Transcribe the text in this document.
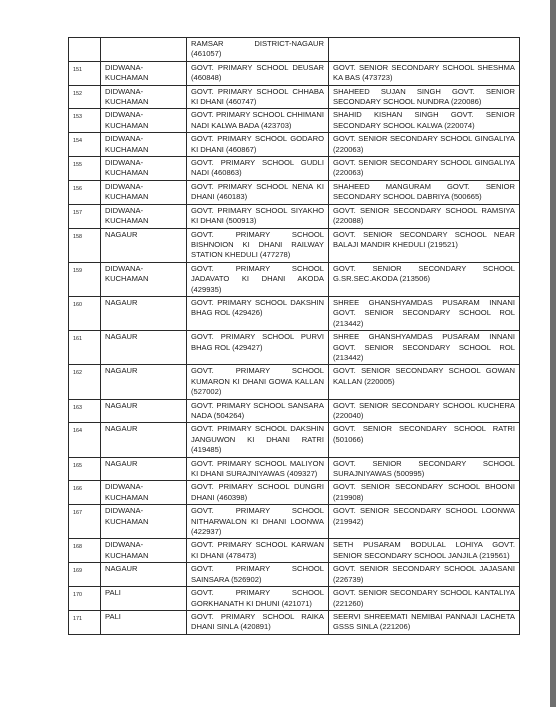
		RAMSAR DISTRICT-NAGAUR (461057)	
151	DIDWANA-KUCHAMAN	GOVT. PRIMARY SCHOOL DEUSAR (460848)	GOVT. SENIOR SECONDARY SCHOOL SHESHMA KA BAS (473723)
152	DIDWANA-KUCHAMAN	GOVT. PRIMARY SCHOOL CHHABA KI DHANI (460747)	SHAHEED SUJAN SINGH GOVT. SENIOR SECONDARY SCHOOL NUNDRA (220086)
153	DIDWANA-KUCHAMAN	GOVT. PRIMARY SCHOOL CHHIMANI NADI KALWA BADA (423703)	SHAHID KISHAN SINGH GOVT. SENIOR SECONDARY SCHOOL KALWA (220074)
154	DIDWANA-KUCHAMAN	GOVT. PRIMARY SCHOOL GODARO KI DHANI (460867)	GOVT. SENIOR SECONDARY SCHOOL GINGALIYA (220063)
155	DIDWANA-KUCHAMAN	GOVT. PRIMARY SCHOOL GUDLI NADI (460863)	GOVT. SENIOR SECONDARY SCHOOL GINGALIYA (220063)
156	DIDWANA-KUCHAMAN	GOVT. PRIMARY SCHOOL NENA KI DHANI (460183)	SHAHEED MANGURAM GOVT. SENIOR SECONDARY SCHOOL DABRIYA (500665)
157	DIDWANA-KUCHAMAN	GOVT. PRIMARY SCHOOL SIYAKHO KI DHANI (500913)	GOVT. SENIOR SECONDARY SCHOOL RAMSIYA (220088)
158	NAGAUR	GOVT. PRIMARY SCHOOL BISHNOION KI DHANI RAILWAY STATION KHEDULI (477278)	GOVT. SENIOR SECONDARY SCHOOL NEAR BALAJI MANDIR KHEDULI (219521)
159	DIDWANA-KUCHAMAN	GOVT. PRIMARY SCHOOL JADAVATO KI DHANI AKODA (429935)	GOVT. SENIOR SECONDARY SCHOOL G.SR.SEC.AKODA (213506)
160	NAGAUR	GOVT. PRIMARY SCHOOL DAKSHIN BHAG ROL (429426)	SHREE GHANSHYAMDAS PUSARAM INNANI GOVT. SENIOR SECONDARY SCHOOL ROL (213442)
161	NAGAUR	GOVT. PRIMARY SCHOOL PURVI BHAG ROL (429427)	SHREE GHANSHYAMDAS PUSARAM INNANI GOVT. SENIOR SECONDARY SCHOOL ROL (213442)
162	NAGAUR	GOVT. PRIMARY SCHOOL KUMARON KI DHANI GOWA KALLAN (527002)	GOVT. SENIOR SECONDARY SCHOOL GOWAN KALLAN (220005)
163	NAGAUR	GOVT. PRIMARY SCHOOL SANSARA NADA (504264)	GOVT. SENIOR SECONDARY SCHOOL KUCHERA (220040)
164	NAGAUR	GOVT. PRIMARY SCHOOL DAKSHIN JANGUWON KI DHANI RATRI (419485)	GOVT. SENIOR SECONDARY SCHOOL RATRI (501066)
165	NAGAUR	GOVT. PRIMARY SCHOOL MALIYON KI DHANI SURAJNIYAWAS (409327)	GOVT. SENIOR SECONDARY SCHOOL SURAJNIYAWAS (500995)
166	DIDWANA-KUCHAMAN	GOVT. PRIMARY SCHOOL DUNGRI DHANI (460398)	GOVT. SENIOR SECONDARY SCHOOL BHOONI (219908)
167	DIDWANA-KUCHAMAN	GOVT. PRIMARY SCHOOL NITHARWALON KI DHANI LOONWA (422937)	GOVT. SENIOR SECONDARY SCHOOL LOONWA (219942)
168	DIDWANA-KUCHAMAN	GOVT. PRIMARY SCHOOL KARWAN KI DHANI (478473)	SETH PUSARAM BODULAL LOHIYA GOVT. SENIOR SECONDARY SCHOOL JANJILA (219561)
169	NAGAUR	GOVT. PRIMARY SCHOOL SAINSARA (526902)	GOVT. SENIOR SECONDARY SCHOOL JAJASANI (226739)
170	PALI	GOVT. PRIMARY SCHOOL GORKHANATH KI DHUNI (421071)	GOVT. SENIOR SECONDARY SCHOOL KANTALIYA (221260)
171	PALI	GOVT. PRIMARY SCHOOL RAIKA DHANI SINLA (420891)	SEERVI SHREEMATI NEMIBAI PANNAJI LACHETA GSSS SINLA (221206)
